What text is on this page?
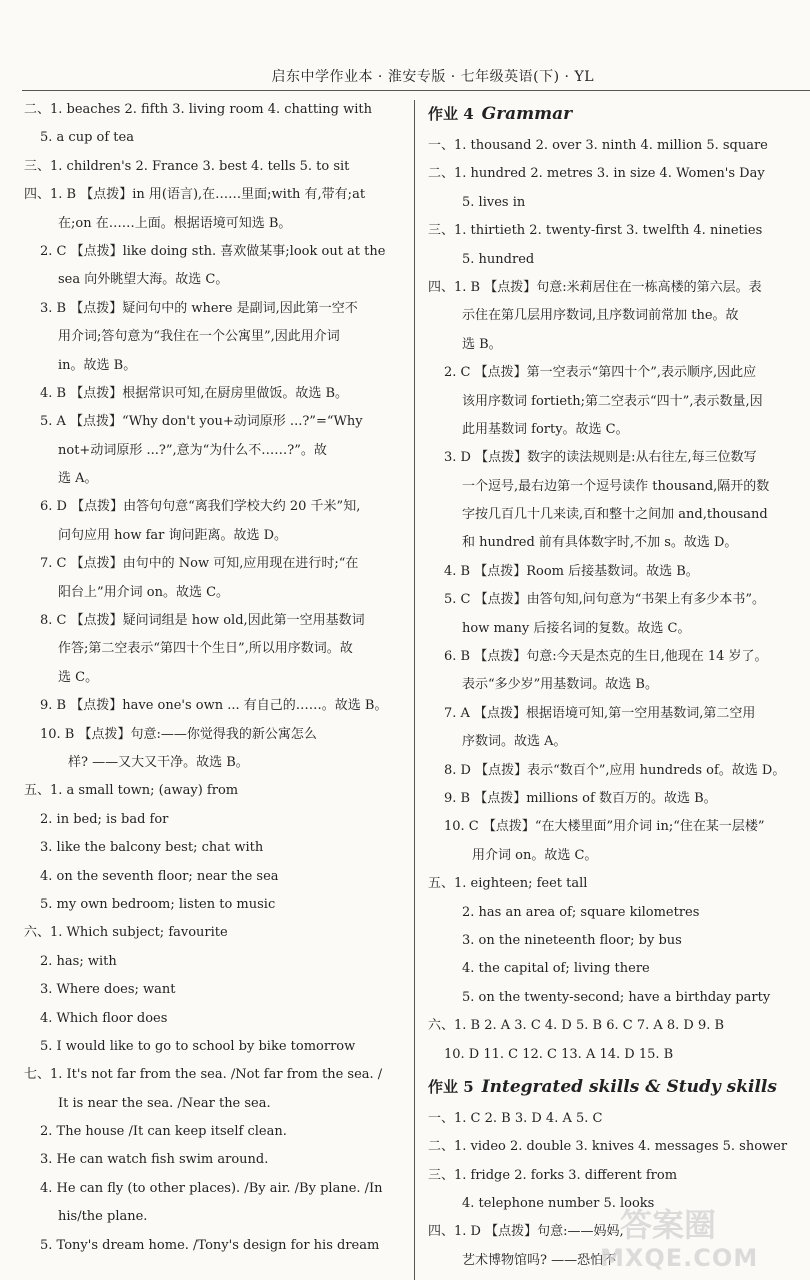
启东中学作业本 · 淮安专版 · 七年级英语(下) · YL
二、1. beaches 2. fifth 3. living room 4. chatting with
5. a cup of tea
三、1. children's 2. France 3. best 4. tells 5. to sit
四、1. B 【点拨】in 用(语言),在……里面;with 有,带有;at
在;on 在……上面。根据语境可知选 B。
2. C 【点拨】like doing sth. 喜欢做某事;look out at the
sea 向外眺望大海。故选 C。
3. B 【点拨】疑问句中的 where 是副词,因此第一空不
用介词;答句意为“我住在一个公寓里”,因此用介词
in。故选 B。
4. B 【点拨】根据常识可知,在厨房里做饭。故选 B。
5. A 【点拨】“Why don't you+动词原形 ...?”=“Why
not+动词原形 ...?”,意为“为什么不……?”。故
选 A。
6. D 【点拨】由答句句意“离我们学校大约 20 千米”知,
问句应用 how far 询问距离。故选 D。
7. C 【点拨】由句中的 Now 可知,应用现在进行时;“在
阳台上”用介词 on。故选 C。
8. C 【点拨】疑问词组是 how old,因此第一空用基数词
作答;第二空表示“第四十个生日”,所以用序数词。故
选 C。
9. B 【点拨】have one's own ... 有自己的……。故选 B。
10. B 【点拨】句意:——你觉得我的新公寓怎么
样? ——又大又干净。故选 B。
五、1. a small town; (away) from
2. in bed; is bad for
3. like the balcony best; chat with
4. on the seventh floor; near the sea
5. my own bedroom; listen to music
六、1. Which subject; favourite
2. has; with
3. Where does; want
4. Which floor does
5. I would like to go to school by bike tomorrow
七、1. It's not far from the sea. /Not far from the sea. /
It is near the sea. /Near the sea.
2. The house /It can keep itself clean.
3. He can watch fish swim around.
4. He can fly (to other places). /By air. /By plane. /In
his/the plane.
5. Tony's dream home. /Tony's design for his dream
作业 4 Grammar
一、1. thousand 2. over 3. ninth 4. million 5. square
二、1. hundred 2. metres 3. in size 4. Women's Day
5. lives in
三、1. thirtieth 2. twenty-first 3. twelfth 4. nineties
5. hundred
四、1. B 【点拨】句意:米莉居住在一栋高楼的第六层。表
示住在第几层用序数词,且序数词前常加 the。故
选 B。
2. C 【点拨】第一空表示“第四十个”,表示顺序,因此应
该用序数词 fortieth;第二空表示“四十”,表示数量,因
此用基数词 forty。故选 C。
3. D 【点拨】数字的读法规则是:从右往左,每三位数写
一个逗号,最右边第一个逗号读作 thousand,隔开的数
字按几百几十几来读,百和整十之间加 and,thousand
和 hundred 前有具体数字时,不加 s。故选 D。
4. B 【点拨】Room 后接基数词。故选 B。
5. C 【点拨】由答句知,问句意为“书架上有多少本书”。
how many 后接名词的复数。故选 C。
6. B 【点拨】句意:今天是杰克的生日,他现在 14 岁了。
表示“多少岁”用基数词。故选 B。
7. A 【点拨】根据语境可知,第一空用基数词,第二空用
序数词。故选 A。
8. D 【点拨】表示“数百个”,应用 hundreds of。故选 D。
9. B 【点拨】millions of 数百万的。故选 B。
10. C 【点拨】“在大楼里面”用介词 in;“住在某一层楼”
用介词 on。故选 C。
五、1. eighteen; feet tall
2. has an area of; square kilometres
3. on the nineteenth floor; by bus
4. the capital of; living there
5. on the twenty-second; have a birthday party
六、1. B 2. A 3. C 4. D 5. B 6. C 7. A 8. D 9. B
10. D 11. C 12. C 13. A 14. D 15. B
作业 5 Integrated skills & Study skills
一、1. C 2. B 3. D 4. A 5. C
二、1. video 2. double 3. knives 4. messages 5. shower
三、1. fridge 2. forks 3. different from
4. telephone number 5. looks
四、1. D 【点拨】句意:——妈妈,
艺术博物馆吗? ——恐怕不
答案圈
MXQE.COM
